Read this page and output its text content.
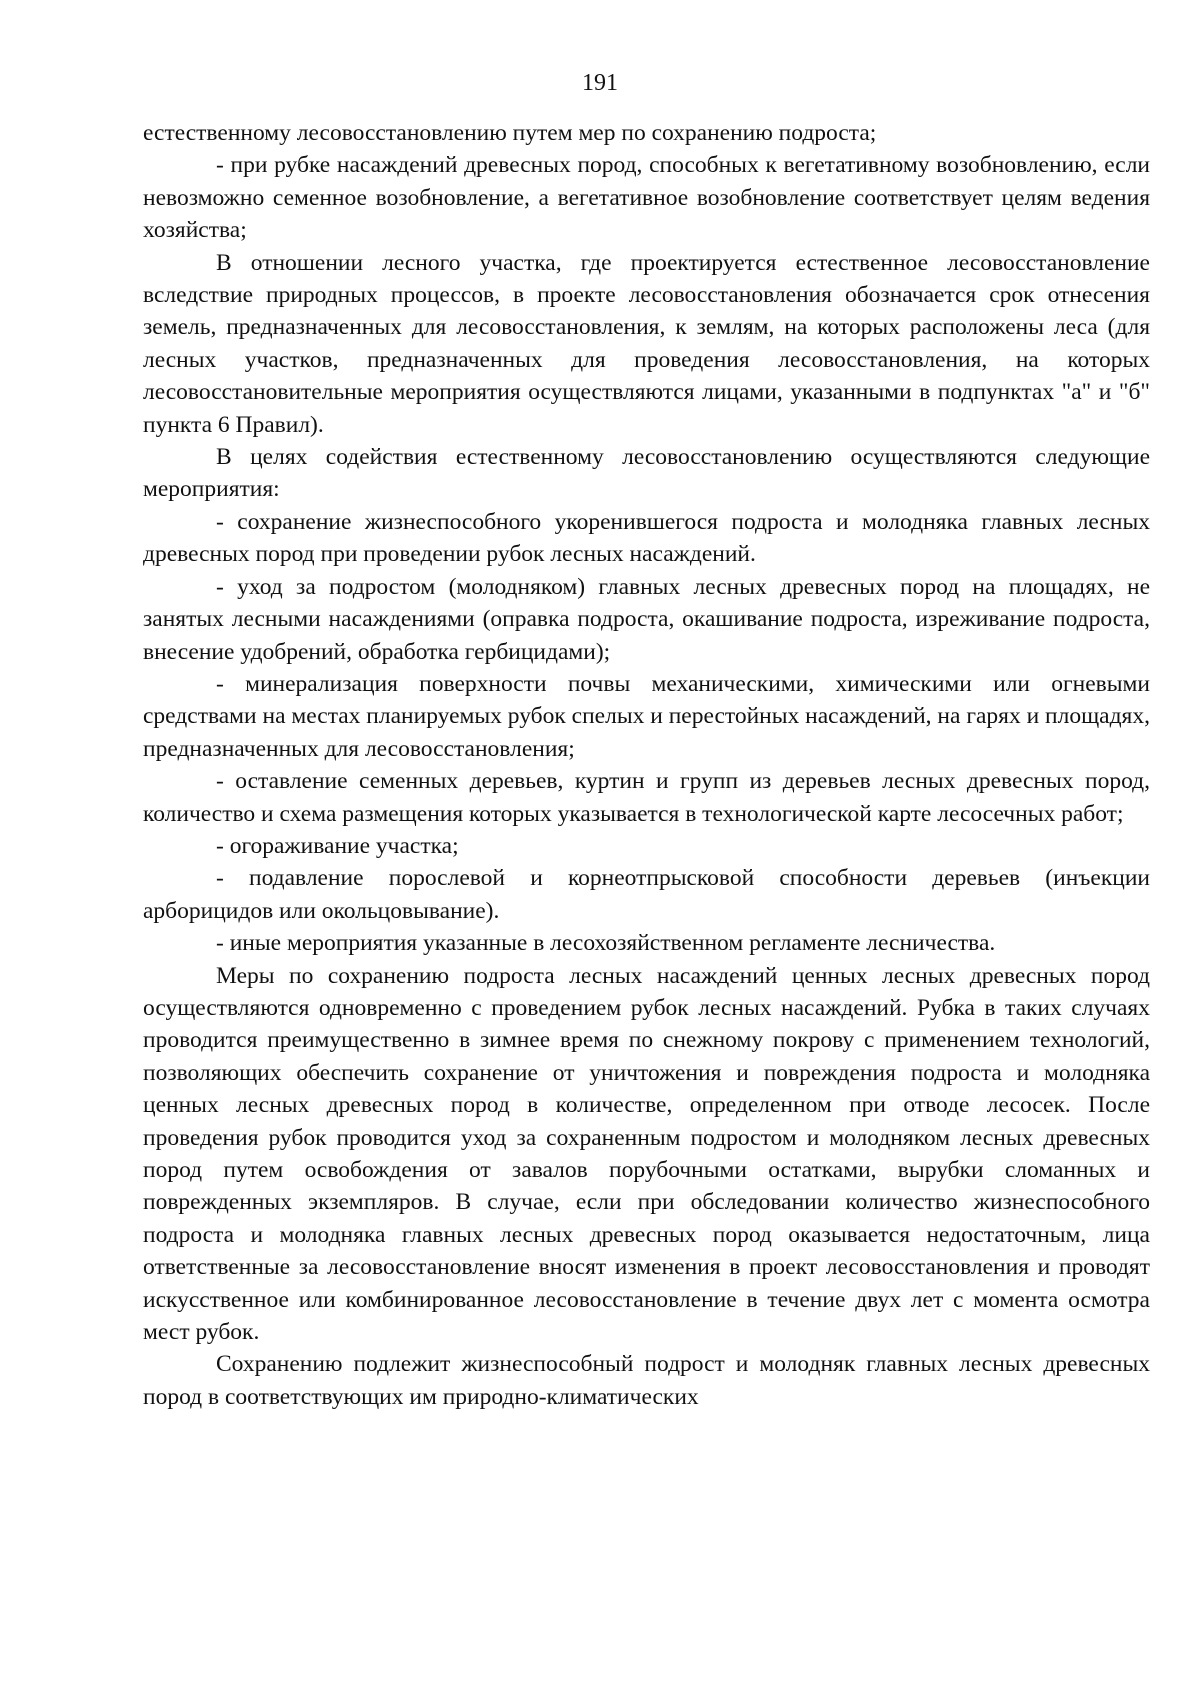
191

естественному лесовосстановлению путем мер по сохранению подроста;

- при рубке насаждений древесных пород, способных к вегетативному возобновлению, если невозможно семенное возобновление, а вегетативное возобновление соответствует целям ведения хозяйства;

В отношении лесного участка, где проектируется естественное лесовосстановление вследствие природных процессов, в проекте лесовосстановления обозначается срок отнесения земель, предназначенных для лесовосстановления, к землям, на которых расположены леса (для лесных участков, предназначенных для проведения лесовосстановления, на которых лесовосстановительные мероприятия осуществляются лицами, указанными в подпунктах "а" и "б" пункта 6 Правил).

В целях содействия естественному лесовосстановлению осуществляются следующие мероприятия:

- сохранение жизнеспособного укоренившегося подроста и молодняка главных лесных древесных пород при проведении рубок лесных насаждений.

- уход за подростом (молодняком) главных лесных древесных пород на площадях, не занятых лесными насаждениями (оправка подроста, окашивание подроста, изреживание подроста, внесение удобрений, обработка гербицидами);

- минерализация поверхности почвы механическими, химическими или огневыми средствами на местах планируемых рубок спелых и перестойных насаждений, на гарях и площадях, предназначенных для лесовосстановления;

- оставление семенных деревьев, куртин и групп из деревьев лесных древесных пород, количество и схема размещения которых указывается в технологической карте лесосечных работ;

- огораживание участка;

- подавление порослевой и корнеотпрысковой способности деревьев (инъекции арборицидов или окольцовывание).

- иные мероприятия указанные в лесохозяйственном регламенте лесничества.

Меры по сохранению подроста лесных насаждений ценных лесных древесных пород осуществляются одновременно с проведением рубок лесных насаждений. Рубка в таких случаях проводится преимущественно в зимнее время по снежному покрову с применением технологий, позволяющих обеспечить сохранение от уничтожения и повреждения подроста и молодняка ценных лесных древесных пород в количестве, определенном при отводе лесосек. После проведения рубок проводится уход за сохраненным подростом и молодняком лесных древесных пород путем освобождения от завалов порубочными остатками, вырубки сломанных и поврежденных экземпляров. В случае, если при обследовании количество жизнеспособного подроста и молодняка главных лесных древесных пород оказывается недостаточным, лица ответственные за лесовосстановление вносят изменения в проект лесовосстановления и проводят искусственное или комбинированное лесовосстановление в течение двух лет с момента осмотра мест рубок.

Сохранению подлежит жизнеспособный подрост и молодняк главных лесных древесных пород в соответствующих им природно-климатических
